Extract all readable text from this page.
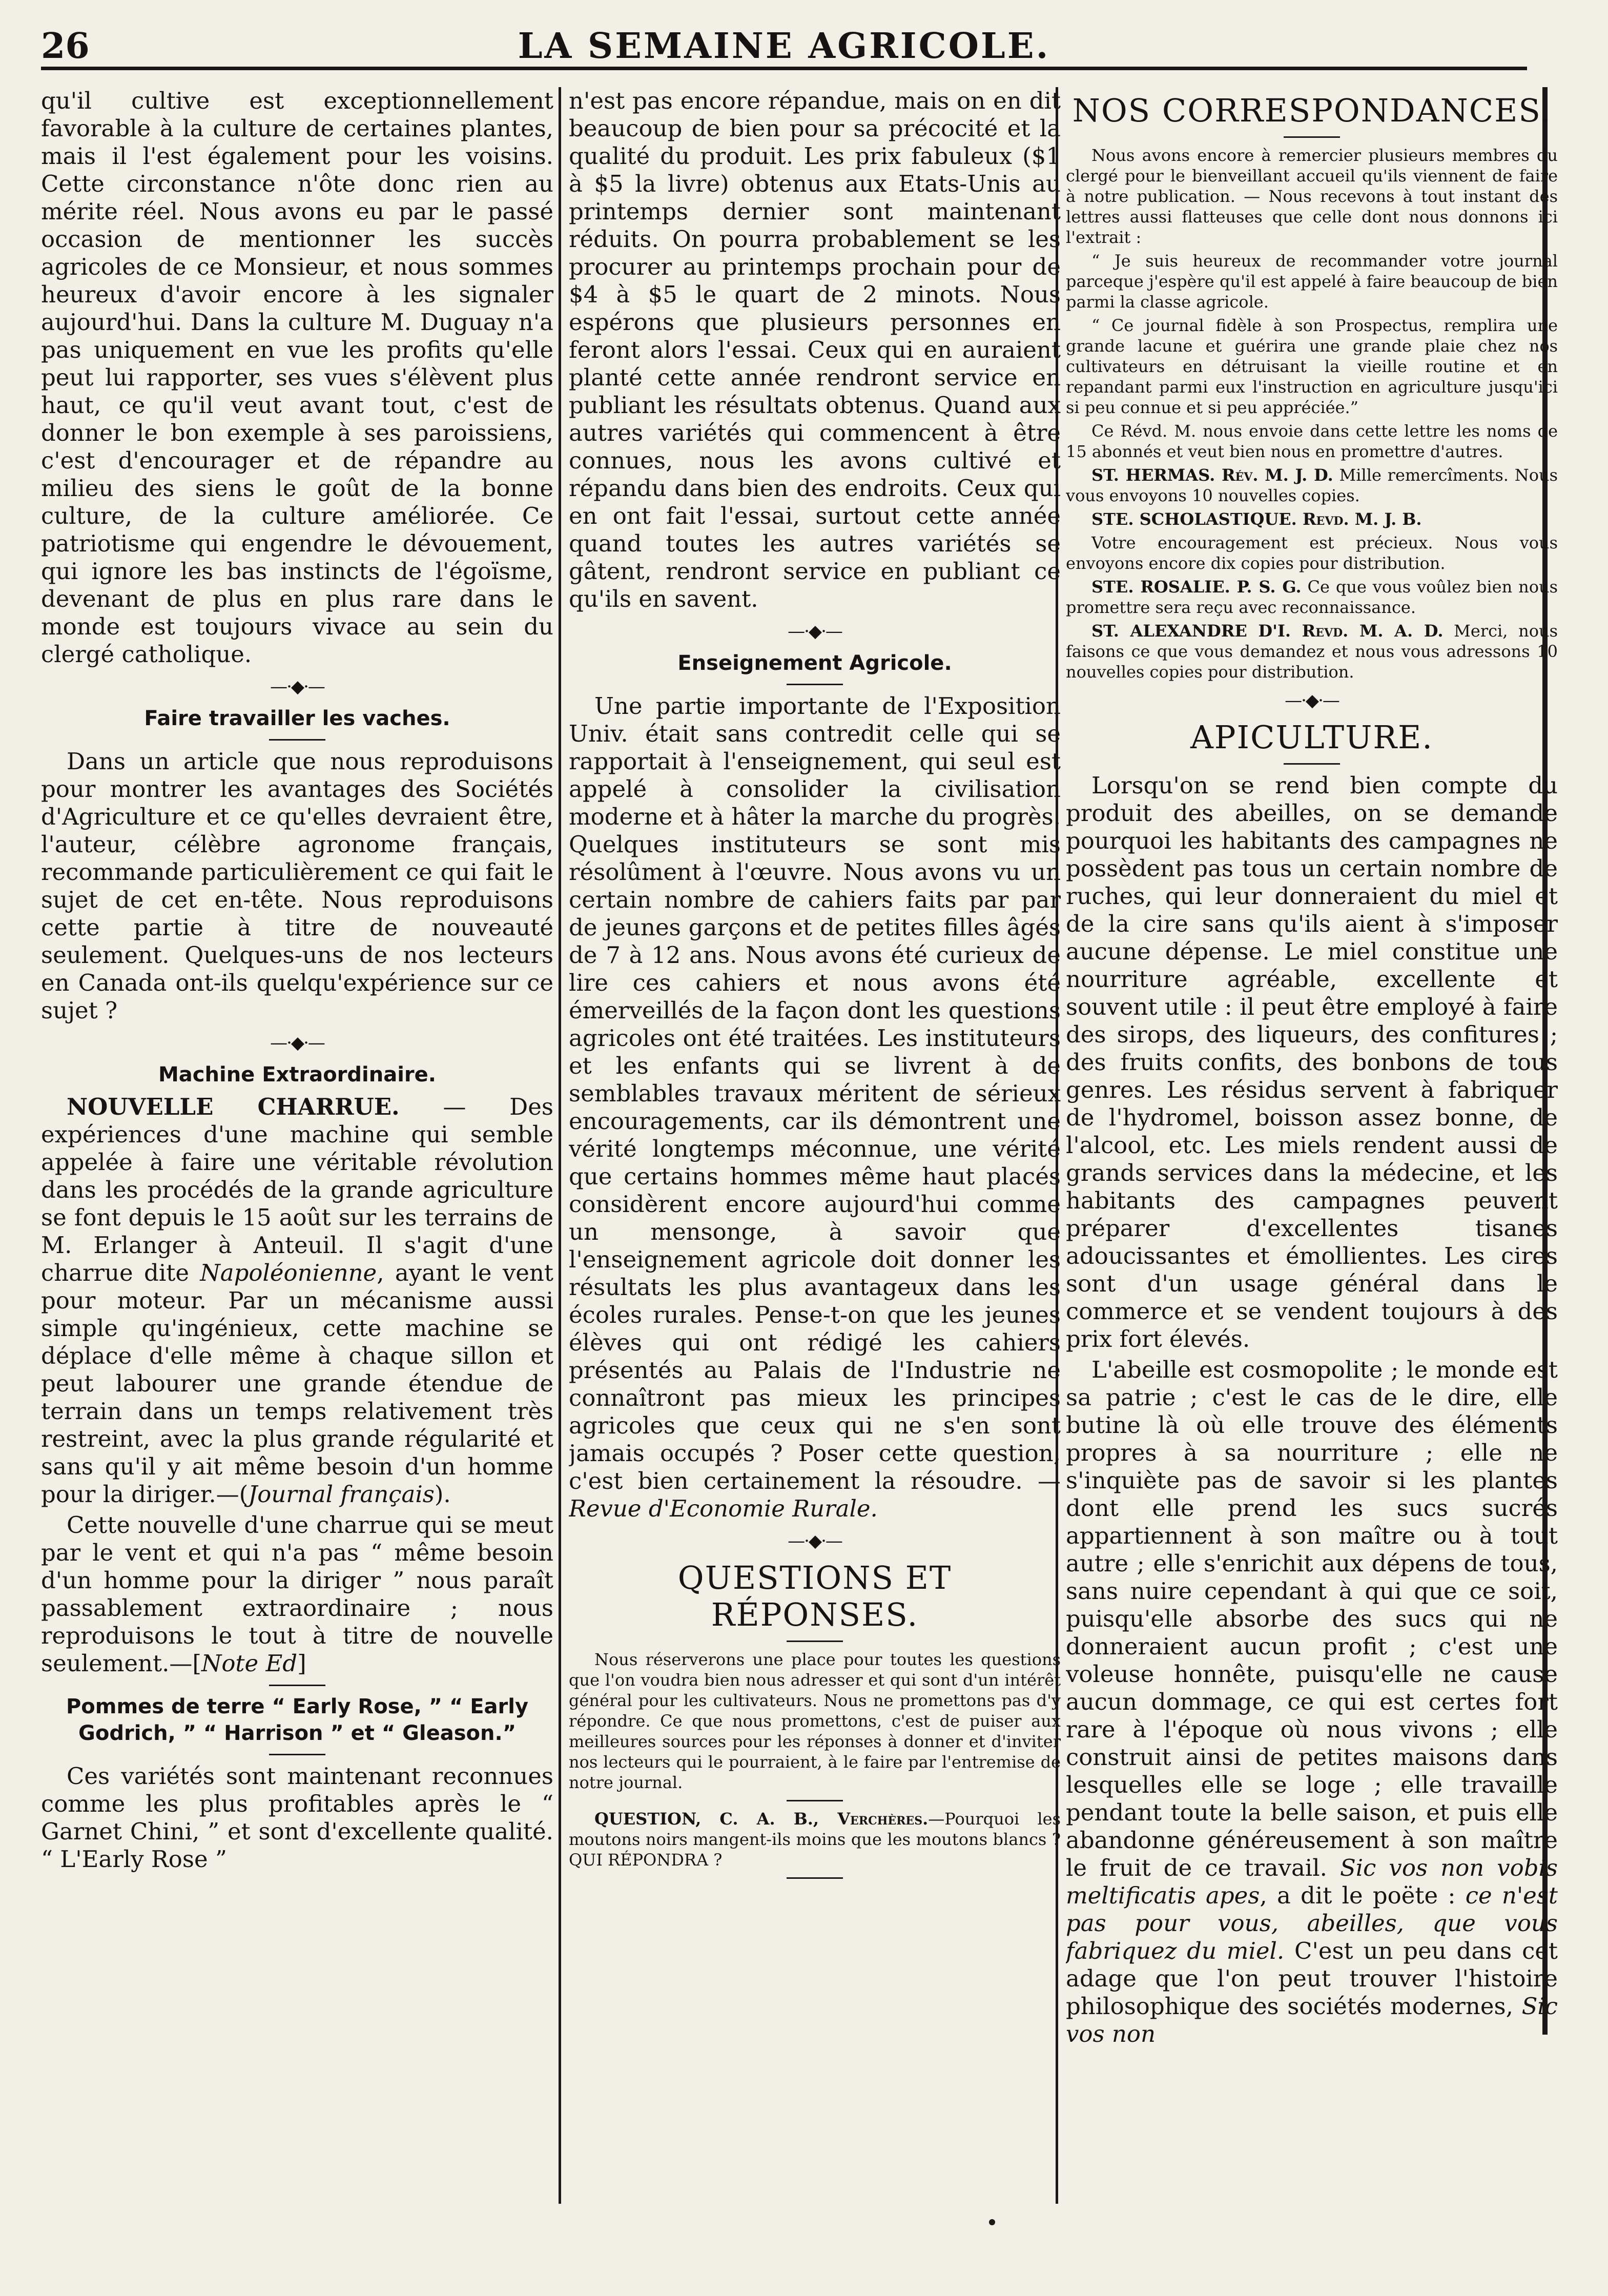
26	LA SEMAINE AGRICOLE.

qu'il cultive est exceptionnellement favorable à la culture de certaines plantes, mais il l'est également pour les voisins. Cette circonstance n'ôte donc rien au mérite réel. Nous avons eu par le passé occasion de mentionner les succès agricoles de ce Monsieur, et nous sommes heureux d'avoir encore à les signaler aujourd'hui. Dans la culture M. Duguay n'a pas uniquement en vue les profits qu'elle peut lui rapporter, ses vues s'élèvent plus haut, ce qu'il veut avant tout, c'est de donner le bon exemple à ses paroissiens, c'est d'encourager et de répandre au milieu des siens le goût de la bonne culture, de la culture améliorée. Ce patriotisme qui engendre le dévouement, qui ignore les bas instincts de l'égoïsme, devenant de plus en plus rare dans le monde est toujours vivace au sein du clergé catholique.

—·◆·—
Faire travailler les vaches.

Dans un article que nous reproduisons pour montrer les avantages des Sociétés d'Agriculture et ce qu'elles devraient être, l'auteur, célèbre agronome français, recommande particulièrement ce qui fait le sujet de cet en-tête. Nous reproduisons cette partie à titre de nouveauté seulement. Quelques-uns de nos lecteurs en Canada ont-ils quelqu'expérience sur ce sujet ?

—·◆·—
Machine Extraordinaire.

NOUVELLE CHARRUE. — Des expériences d'une machine qui semble appelée à faire une véritable révolution dans les procédés de la grande agriculture se font depuis le 15 août sur les terrains de M. Erlanger à Anteuil. Il s'agit d'une charrue dite Napoléonienne, ayant le vent pour moteur. Par un mécanisme aussi simple qu'ingénieux, cette machine se déplace d'elle même à chaque sillon et peut labourer une grande étendue de terrain dans un temps relativement très restreint, avec la plus grande régularité et sans qu'il y ait même besoin d'un homme pour la diriger.—(Journal français).

Cette nouvelle d'une charrue qui se meut par le vent et qui n'a pas “ même besoin d'un homme pour la diriger ” nous paraît passablement extraordinaire ; nous reproduisons le tout à titre de nouvelle seulement.—[Note Ed]

Pommes de terre “ Early Rose, ” “ Early Godrich, ” “ Harrison ” et “ Gleason.”

Ces variétés sont maintenant reconnues comme les plus profitables après le “ Garnet Chini, ” et sont d'excellente qualité. “ L'Early Rose ”

n'est pas encore répandue, mais on en dit beaucoup de bien pour sa précocité et la qualité du produit. Les prix fabuleux ($1 à $5 la livre) obtenus aux Etats-Unis au printemps dernier sont maintenant réduits. On pourra probablement se les procurer au printemps prochain pour de $4 à $5 le quart de 2 minots. Nous espérons que plusieurs personnes en feront alors l'essai. Ceux qui en auraient planté cette année rendront service en publiant les résultats obtenus. Quand aux autres variétés qui commencent à être connues, nous les avons cultivé et répandu dans bien des endroits. Ceux qui en ont fait l'essai, surtout cette année quand toutes les autres variétés se gâtent, rendront service en publiant ce qu'ils en savent.

—·◆·—
Enseignement Agricole.

Une partie importante de l'Exposition Univ. était sans contredit celle qui se rapportait à l'enseignement, qui seul est appelé à consolider la civilisation moderne et à hâter la marche du progrès. Quelques instituteurs se sont mis résolûment à l'œuvre. Nous avons vu un certain nombre de cahiers faits par par de jeunes garçons et de petites filles âgés de 7 à 12 ans. Nous avons été curieux de lire ces cahiers et nous avons été émerveillés de la façon dont les questions agricoles ont été traitées. Les instituteurs et les enfants qui se livrent à de semblables travaux méritent de sérieux encouragements, car ils démontrent une vérité longtemps méconnue, une vérité que certains hommes même haut placés considèrent encore aujourd'hui comme un mensonge, à savoir que l'enseignement agricole doit donner les résultats les plus avantageux dans les écoles rurales. Pense-t-on que les jeunes élèves qui ont rédigé les cahiers présentés au Palais de l'Industrie ne connaîtront pas mieux les principes agricoles que ceux qui ne s'en sont jamais occupés ? Poser cette question, c'est bien certainement la résoudre. — Revue d'Economie Rurale.

—·◆·—
QUESTIONS ET RÉPONSES.

Nous réserverons une place pour toutes les questions que l'on voudra bien nous adresser et qui sont d'un intérêt général pour les cultivateurs. Nous ne promettons pas d'y répondre. Ce que nous promettons, c'est de puiser aux meilleures sources pour les réponses à donner et d'inviter nos lecteurs qui le pourraient, à le faire par l'entremise de notre journal.

QUESTION, C. A. B., Verchères.—Pourquoi les moutons noirs mangent-ils moins que les moutons blancs ? QUI RÉPONDRA ?

NOS CORRESPONDANCES.

Nous avons encore à remercier plusieurs membres du clergé pour le bienveillant accueil qu'ils viennent de faire à notre publication. — Nous recevons à tout instant des lettres aussi flatteuses que celle dont nous donnons ici l'extrait :

“ Je suis heureux de recommander votre journal parceque j'espère qu'il est appelé à faire beaucoup de bien parmi la classe agricole.

“ Ce journal fidèle à son Prospectus, remplira une grande lacune et guérira une grande plaie chez nos cultivateurs en détruisant la vieille routine et en repandant parmi eux l'instruction en agriculture jusqu'ici si peu connue et si peu appréciée.”

Ce Révd. M. nous envoie dans cette lettre les noms de 15 abonnés et veut bien nous en promettre d'autres.

ST. HERMAS. Rév. M. J. D. Mille remercîments. Nous vous envoyons 10 nouvelles copies.

STE. SCHOLASTIQUE. Revd. M. J. B.

Votre encouragement est précieux. Nous vous envoyons encore dix copies pour distribution.

STE. ROSALIE. P. S. G. Ce que vous voûlez bien nous promettre sera reçu avec reconnaissance.

ST. ALEXANDRE D'I. Revd. M. A. D. Merci, nous faisons ce que vous demandez et nous vous adressons 10 nouvelles copies pour distribution.

—·◆·—
APICULTURE.

Lorsqu'on se rend bien compte du produit des abeilles, on se demande pourquoi les habitants des campagnes ne possèdent pas tous un certain nombre de ruches, qui leur donneraient du miel et de la cire sans qu'ils aient à s'imposer aucune dépense. Le miel constitue une nourriture agréable, excellente et souvent utile : il peut être employé à faire des sirops, des liqueurs, des confitures ; des fruits confits, des bonbons de tous genres. Les résidus servent à fabriquer de l'hydromel, boisson assez bonne, de l'alcool, etc. Les miels rendent aussi de grands services dans la médecine, et les habitants des campagnes peuvent préparer d'excellentes tisanes adoucissantes et émollientes. Les cires sont d'un usage général dans le commerce et se vendent toujours à des prix fort élevés.

L'abeille est cosmopolite ; le monde est sa patrie ; c'est le cas de le dire, elle butine là où elle trouve des éléments propres à sa nourriture ; elle ne s'inquiète pas de savoir si les plantes dont elle prend les sucs sucrés appartiennent à son maître ou à tout autre ; elle s'enrichit aux dépens de tous, sans nuire cependant à qui que ce soit, puisqu'elle absorbe des sucs qui ne donneraient aucun profit ; c'est une voleuse honnête, puisqu'elle ne cause aucun dommage, ce qui est certes fort rare à l'époque où nous vivons ; elle construit ainsi de petites maisons dans lesquelles elle se loge ; elle travaille pendant toute la belle saison, et puis elle abandonne généreusement à son maître le fruit de ce travail. Sic vos non vobis meltificatis apes, a dit le poëte : ce n'est pas pour vous, abeilles, que vous fabriquez du miel. C'est un peu dans cet adage que l'on peut trouver l'histoire philosophique des sociétés modernes, Sic vos non
